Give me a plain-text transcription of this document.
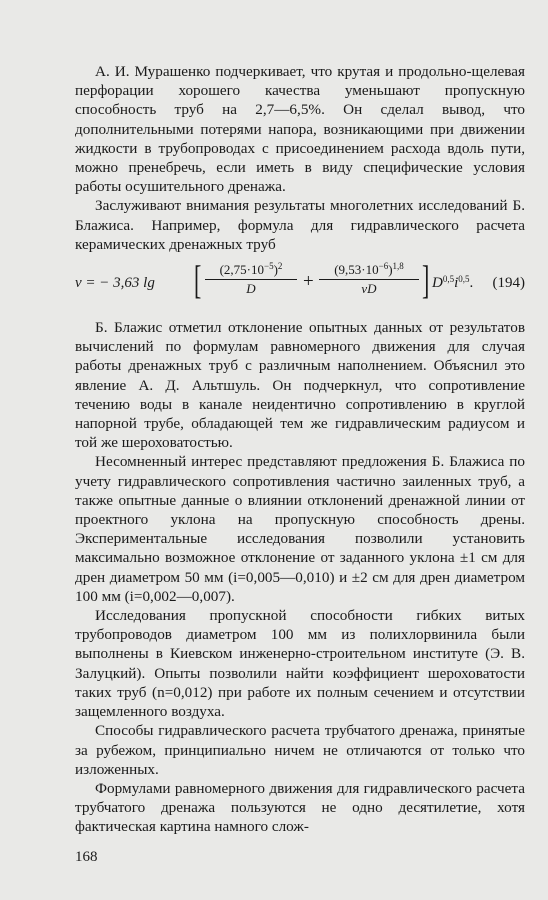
А. И. Мурашенко подчеркивает, что крутая и продольно-щелевая перфорации хорошего качества уменьшают пропускную способность труб на 2,7—6,5%. Он сделал вывод, что дополнительными потерями напора, возникающими при движении жидкости в трубопроводах с присоединением расхода вдоль пути, можно пренебречь, если иметь в виду специфические условия работы осушительного дренажа.

Заслуживают внимания результаты многолетних исследований Б. Блажиса. Например, формула для гидравлического расчета керамических дренажных труб

v = − 3,63 lg [ $\frac{(2,75\cdot 10^{-5})^2}{D} + \frac{(9,53\cdot 10^{-6})^{1,8}}{vD}$ ] $D^{0,5}i^{0,5}$. (194)

Б. Блажис отметил отклонение опытных данных от результатов вычислений по формулам равномерного движения для случая работы дренажных труб с различным наполнением. Объяснил это явление А. Д. Альтшуль. Он подчеркнул, что сопротивление течению воды в канале неидентично сопротивлению в круглой напорной трубе, обладающей тем же гидравлическим радиусом и той же шероховатостью.

Несомненный интерес представляют предложения Б. Блажиса по учету гидравлического сопротивления частично заиленных труб, а также опытные данные о влиянии отклонений дренажной линии от проектного уклона на пропускную способность дрены. Экспериментальные исследования позволили установить максимально возможное отклонение от заданного уклона ±1 см для дрен диаметром 50 мм (i=0,005—0,010) и ±2 см для дрен диаметром 100 мм (i=0,002—0,007).

Исследования пропускной способности гибких витых трубопроводов диаметром 100 мм из полихлорвинила были выполнены в Киевском инженерно-строительном институте (Э. В. Залуцкий). Опыты позволили найти коэффициент шероховатости таких труб (n=0,012) при работе их полным сечением и отсутствии защемленного воздуха.

Способы гидравлического расчета трубчатого дренажа, принятые за рубежом, принципиально ничем не отличаются от только что изложенных.

Формулами равномерного движения для гидравлического расчета трубчатого дренажа пользуются не одно десятилетие, хотя фактическая картина намного слож-

168
